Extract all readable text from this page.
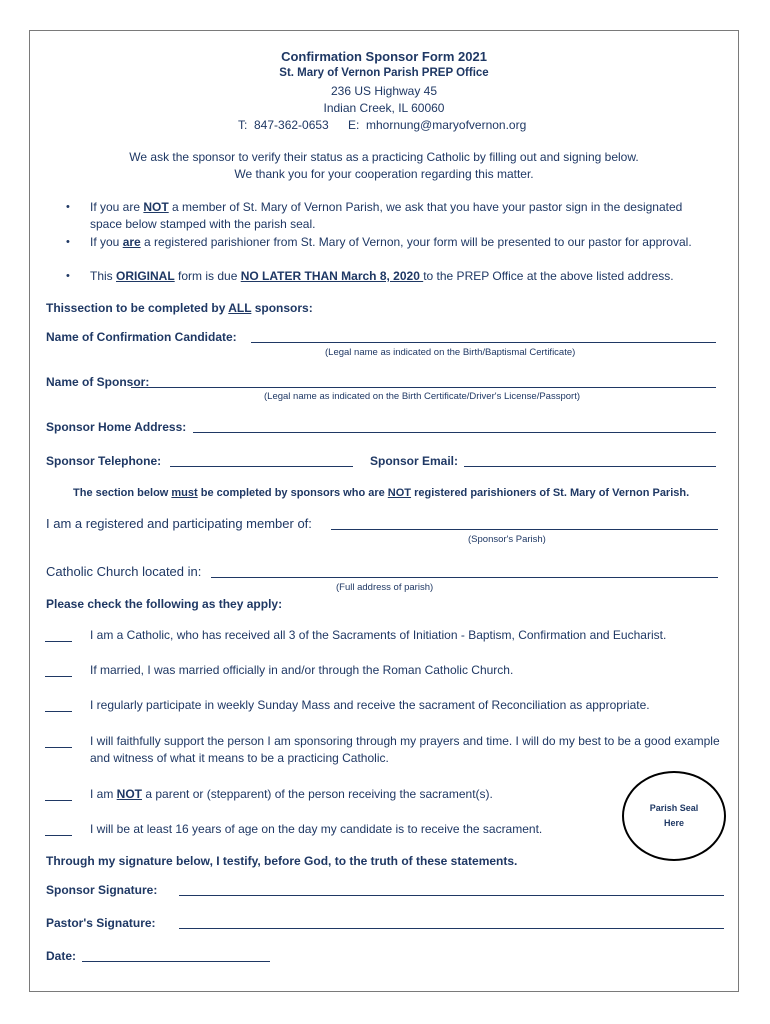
Confirmation Sponsor Form 2021
St. Mary of Vernon Parish PREP Office
236 US Highway 45
Indian Creek, IL 60060
T:  847-362-0653 E:  mhornung@maryofvernon.org
We ask the sponsor to verify their status as a practicing Catholic by filling out and signing below.
We thank you for your cooperation regarding this matter.
• If you are NOT a member of St. Mary of Vernon Parish, we ask that you have your pastor sign in the designated space below stamped with the parish seal.
• If you are a registered parishioner from St. Mary of Vernon, your form will be presented to our pastor for approval.
• This ORIGINAL form is due NO LATER THAN March 8, 2020 to the PREP Office at the above listed address.
Thissection to be completed by ALL sponsors:
Name of Confirmation Candidate:
(Legal name as indicated on the Birth/Baptismal Certificate)
Name of Sponsor:
(Legal name as indicated on the Birth Certificate/Driver's License/Passport)
Sponsor Home Address:
Sponsor Telephone:	Sponsor Email:
The section below must be completed by sponsors who are NOT registered parishioners of St. Mary of Vernon Parish.
I am a registered and participating member of:
(Sponsor's Parish)
Catholic Church located in:
(Full address of parish)
Please check the following as they apply:
I am a Catholic, who has received all 3 of the Sacraments of Initiation - Baptism, Confirmation and Eucharist.
If married, I was married officially in and/or through the Roman Catholic Church.
I regularly participate in weekly Sunday Mass and receive the sacrament of Reconciliation as appropriate.
I will faithfully support the person I am sponsoring through my prayers and time. I will do my best to be a good example and witness of what it means to be a practicing Catholic.
I am NOT a parent or (stepparent) of the person receiving the sacrament(s).
I will be at least 16 years of age on the day my candidate is to receive the sacrament.
Parish Seal
Here
Through my signature below, I testify, before God, to the truth of these statements.
Sponsor Signature:
Pastor's Signature:
Date:
